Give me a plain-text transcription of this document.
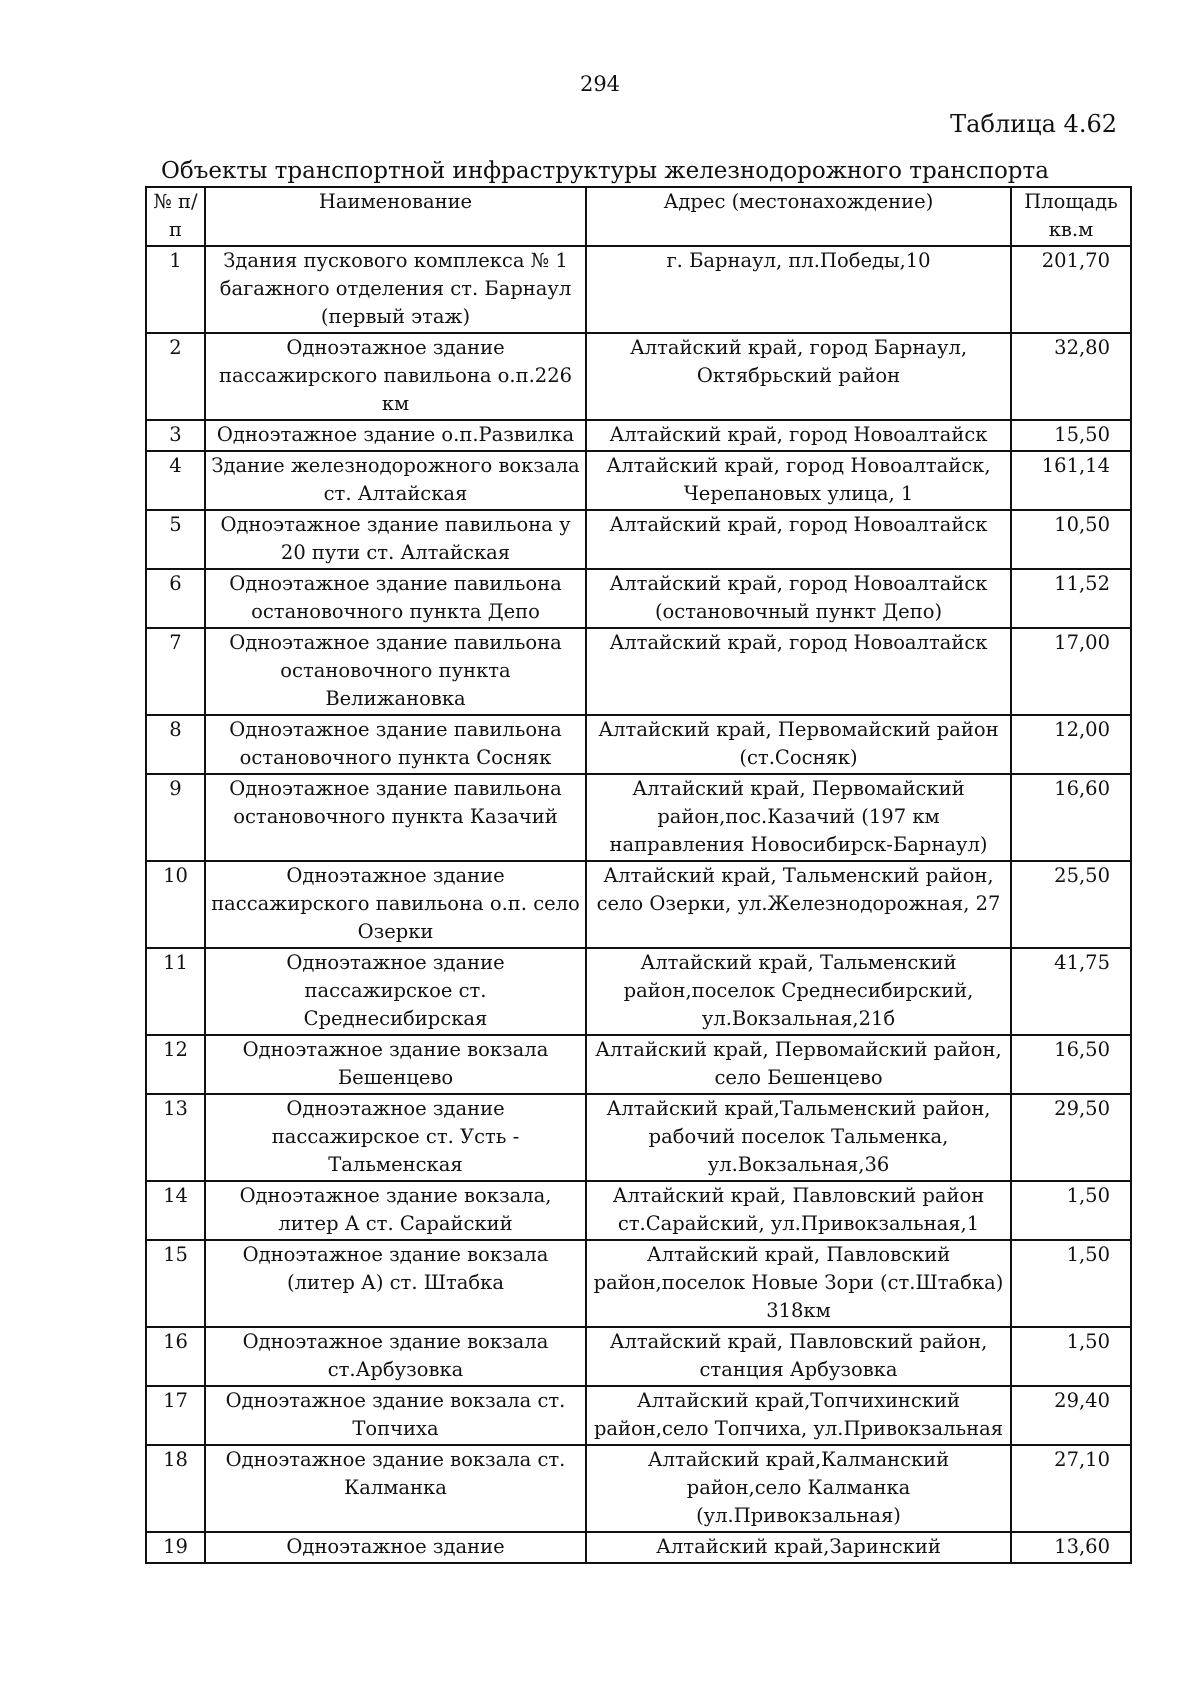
294
Таблица 4.62
Объекты транспортной инфраструктуры железнодорожного транспорта
№ п/п	Наименование	Адрес (местонахождение)	Площадь кв.м
1	Здания пускового комплекса № 1 багажного отделения ст. Барнаул (первый этаж)	г. Барнаул, пл.Победы,10	201,70
2	Одноэтажное здание пассажирского павильона о.п.226 км	Алтайский край, город Барнаул, Октябрьский район	32,80
3	Одноэтажное здание о.п.Развилка	Алтайский край, город Новоалтайск	15,50
4	Здание железнодорожного вокзала ст. Алтайская	Алтайский край, город Новоалтайск, Черепановых улица, 1	161,14
5	Одноэтажное здание павильона у 20 пути ст. Алтайская	Алтайский край, город Новоалтайск	10,50
6	Одноэтажное здание павильона остановочного пункта Депо	Алтайский край, город Новоалтайск (остановочный пункт Депо)	11,52
7	Одноэтажное здание павильона остановочного пункта Велижановка	Алтайский край, город Новоалтайск	17,00
8	Одноэтажное здание павильона остановочного пункта Сосняк	Алтайский край, Первомайский район (ст.Сосняк)	12,00
9	Одноэтажное здание павильона остановочного пункта Казачий	Алтайский край, Первомайский район,пос.Казачий (197 км направления Новосибирск-Барнаул)	16,60
10	Одноэтажное здание пассажирского павильона о.п. село Озерки	Алтайский край, Тальменский район, село Озерки, ул.Железнодорожная, 27	25,50
11	Одноэтажное здание пассажирское ст. Среднесибирская	Алтайский край, Тальменский район,поселок Среднесибирский, ул.Вокзальная,21б	41,75
12	Одноэтажное здание вокзала Бешенцево	Алтайский край, Первомайский район, село Бешенцево	16,50
13	Одноэтажное здание пассажирское ст. Усть - Тальменская	Алтайский край,Тальменский район, рабочий поселок Тальменка, ул.Вокзальная,36	29,50
14	Одноэтажное здание вокзала, литер А ст. Сарайский	Алтайский край, Павловский район ст.Сарайский, ул.Привокзальная,1	1,50
15	Одноэтажное здание вокзала (литер А) ст. Штабка	Алтайский край, Павловский район,поселок Новые Зори (ст.Штабка) 318км	1,50
16	Одноэтажное здание вокзала ст.Арбузовка	Алтайский край, Павловский район, станция Арбузовка	1,50
17	Одноэтажное здание вокзала ст. Топчиха	Алтайский край,Топчихинский район,село Топчиха, ул.Привокзальная	29,40
18	Одноэтажное здание вокзала ст. Калманка	Алтайский край,Калманский район,село Калманка (ул.Привокзальная)	27,10
19	Одноэтажное здание	Алтайский край,Заринский	13,60
